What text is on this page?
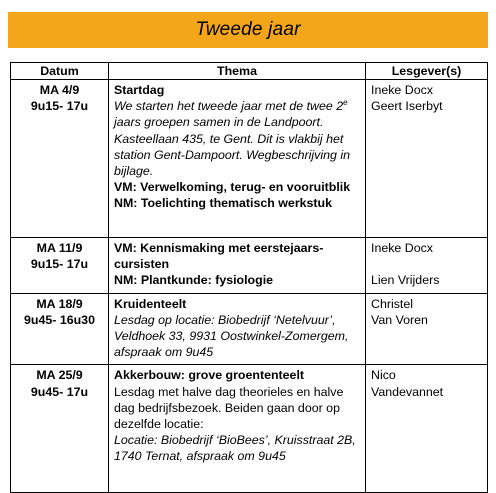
Tweede jaar
Datum	Thema	Lesgever(s)

MA 4/9
9u15- 17u	Startdag
We starten het tweede jaar met de twee 2e jaars groepen samen in de Landpoort. Kasteellaan 435, te Gent. Dit is vlakbij het station Gent-Dampoort. Wegbeschrijving in bijlage.
VM: Verwelkoming, terug- en vooruitblik
NM: Toelichting thematisch werkstuk	Ineke Docx
Geert Iserbyt

MA 11/9
9u15- 17u	VM: Kennismaking met eerstejaars-cursisten
NM: Plantkunde: fysiologie	Ineke Docx
Lien Vrijders

MA 18/9
9u45- 16u30	Kruidenteelt
Lesdag op locatie: Biobedrijf ‘Netelvuur’, Veldhoek 33, 9931 Oostwinkel-Zomergem, afspraak om 9u45	Christel
Van Voren

MA 25/9
9u45- 17u	Akkerbouw: grove groententeelt
Lesdag met halve dag theorieles en halve dag bedrijfsbezoek. Beiden gaan door op dezelfde locatie:
Locatie: Biobedrijf ‘BioBees’, Kruisstraat 2B, 1740 Ternat, afspraak om 9u45	Nico
Vandevannet
